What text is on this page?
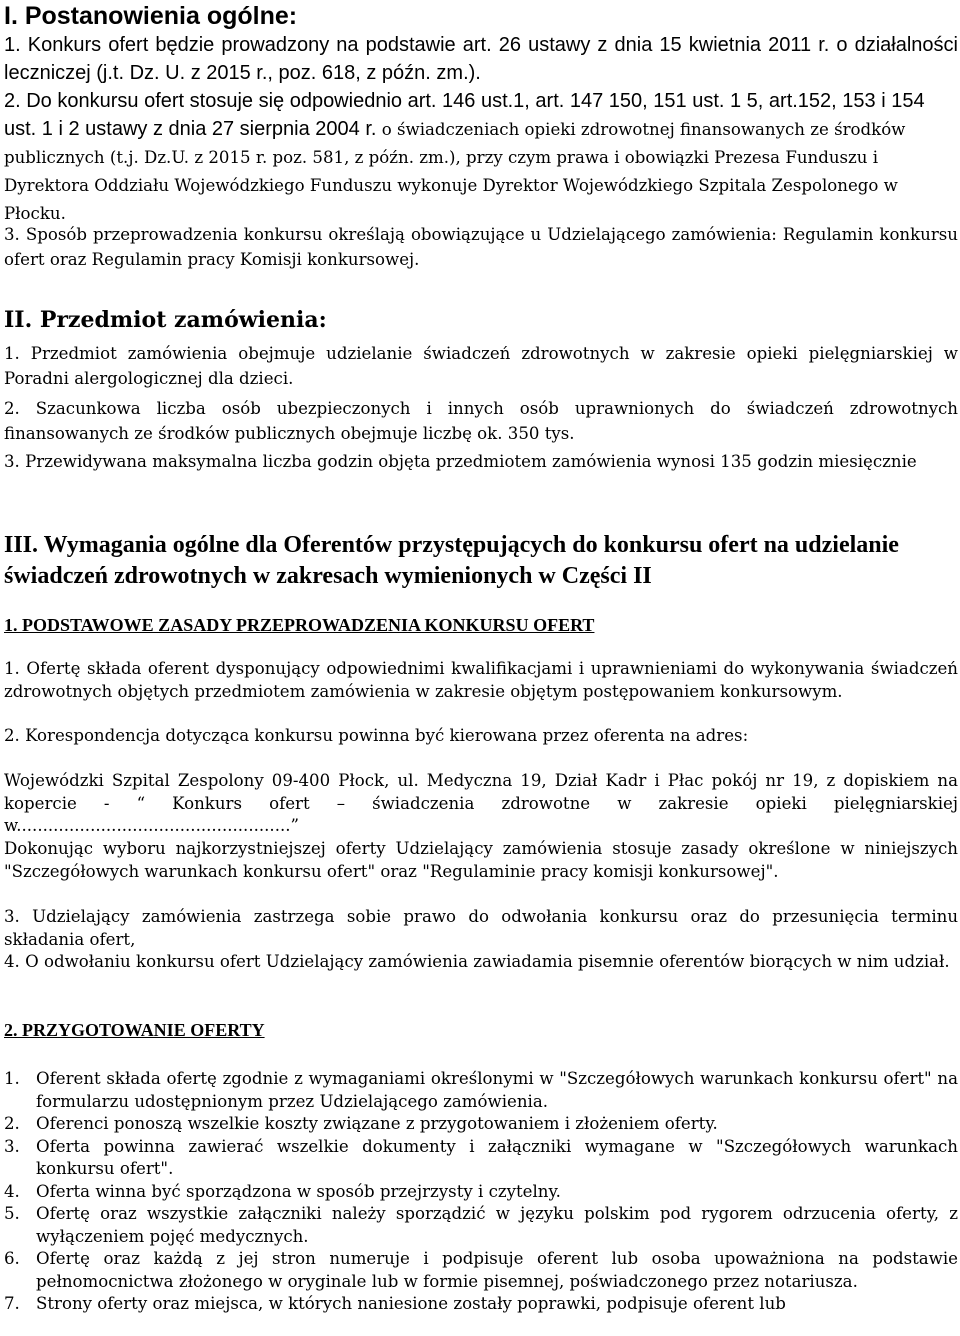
I. Postanowienia ogólne:
1. Konkurs ofert będzie prowadzony na podstawie art. 26 ustawy z dnia 15 kwietnia 2011 r. o działalności leczniczej (j.t. Dz. U. z 2015 r., poz. 618, z późn. zm.).
2. Do konkursu ofert stosuje się odpowiednio art. 146 ust.1, art. 147 150, 151 ust. 1 5, art.152, 153 i 154 ust. 1 i 2 ustawy z dnia 27 sierpnia 2004 r. o świadczeniach opieki zdrowotnej finansowanych ze środków publicznych (t.j. Dz.U. z 2015 r. poz. 581, z późn. zm.), przy czym prawa i obowiązki Prezesa Funduszu i Dyrektora Oddziału Wojewódzkiego Funduszu wykonuje Dyrektor Wojewódzkiego Szpitala Zespolonego w Płocku.
3. Sposób przeprowadzenia konkursu określają obowiązujące u Udzielającego zamówienia: Regulamin konkursu ofert oraz Regulamin pracy Komisji konkursowej.
II. Przedmiot zamówienia:
1. Przedmiot zamówienia obejmuje udzielanie świadczeń zdrowotnych w zakresie opieki pielęgniarskiej w Poradni alergologicznej dla dzieci.
2. Szacunkowa liczba osób ubezpieczonych i innych osób uprawnionych do świadczeń zdrowotnych finansowanych ze środków publicznych obejmuje liczbę ok. 350 tys.
3. Przewidywana maksymalna liczba godzin objęta przedmiotem zamówienia wynosi 135 godzin miesięcznie
III. Wymagania ogólne dla Oferentów przystępujących do konkursu ofert na udzielanie świadczeń zdrowotnych w zakresach wymienionych w Części II
1. PODSTAWOWE ZASADY PRZEPROWADZENIA KONKURSU OFERT
1. Ofertę składa oferent dysponujący odpowiednimi kwalifikacjami i uprawnieniami do wykonywania świadczeń zdrowotnych objętych przedmiotem zamówienia w zakresie objętym postępowaniem konkursowym.
2. Korespondencja dotycząca konkursu powinna być kierowana przez oferenta na adres:
Wojewódzki Szpital Zespolony 09-400 Płock, ul. Medyczna 19, Dział Kadr i Płac pokój nr 19, z dopiskiem na kopercie - “ Konkurs ofert – świadczenia zdrowotne w zakresie opieki pielęgniarskiej w....................................................”
Dokonując wyboru najkorzystniejszej oferty Udzielający zamówienia stosuje zasady określone w niniejszych "Szczegółowych warunkach konkursu ofert" oraz "Regulaminie pracy komisji konkursowej".
3. Udzielający zamówienia zastrzega sobie prawo do odwołania konkursu oraz do przesunięcia terminu składania ofert,
4. O odwołaniu konkursu ofert Udzielający zamówienia zawiadamia pisemnie oferentów biorących w nim udział.
2. PRZYGOTOWANIE OFERTY
1. Oferent składa ofertę zgodnie z wymaganiami określonymi w "Szczegółowych warunkach konkursu ofert" na formularzu udostępnionym przez Udzielającego zamówienia.
2. Oferenci ponoszą wszelkie koszty związane z przygotowaniem i złożeniem oferty.
3. Oferta powinna zawierać wszelkie dokumenty i załączniki wymagane w "Szczegółowych warunkach konkursu ofert".
4. Oferta winna być sporządzona w sposób przejrzysty i czytelny.
5. Ofertę oraz wszystkie załączniki należy sporządzić w języku polskim pod rygorem odrzucenia oferty, z wyłączeniem pojęć medycznych.
6. Ofertę oraz każdą z jej stron numeruje i podpisuje oferent lub osoba upoważniona na podstawie pełnomocnictwa złożonego w oryginale lub w formie pisemnej, poświadczonego przez notariusza.
7. Strony oferty oraz miejsca, w których naniesione zostały poprawki, podpisuje oferent lub
